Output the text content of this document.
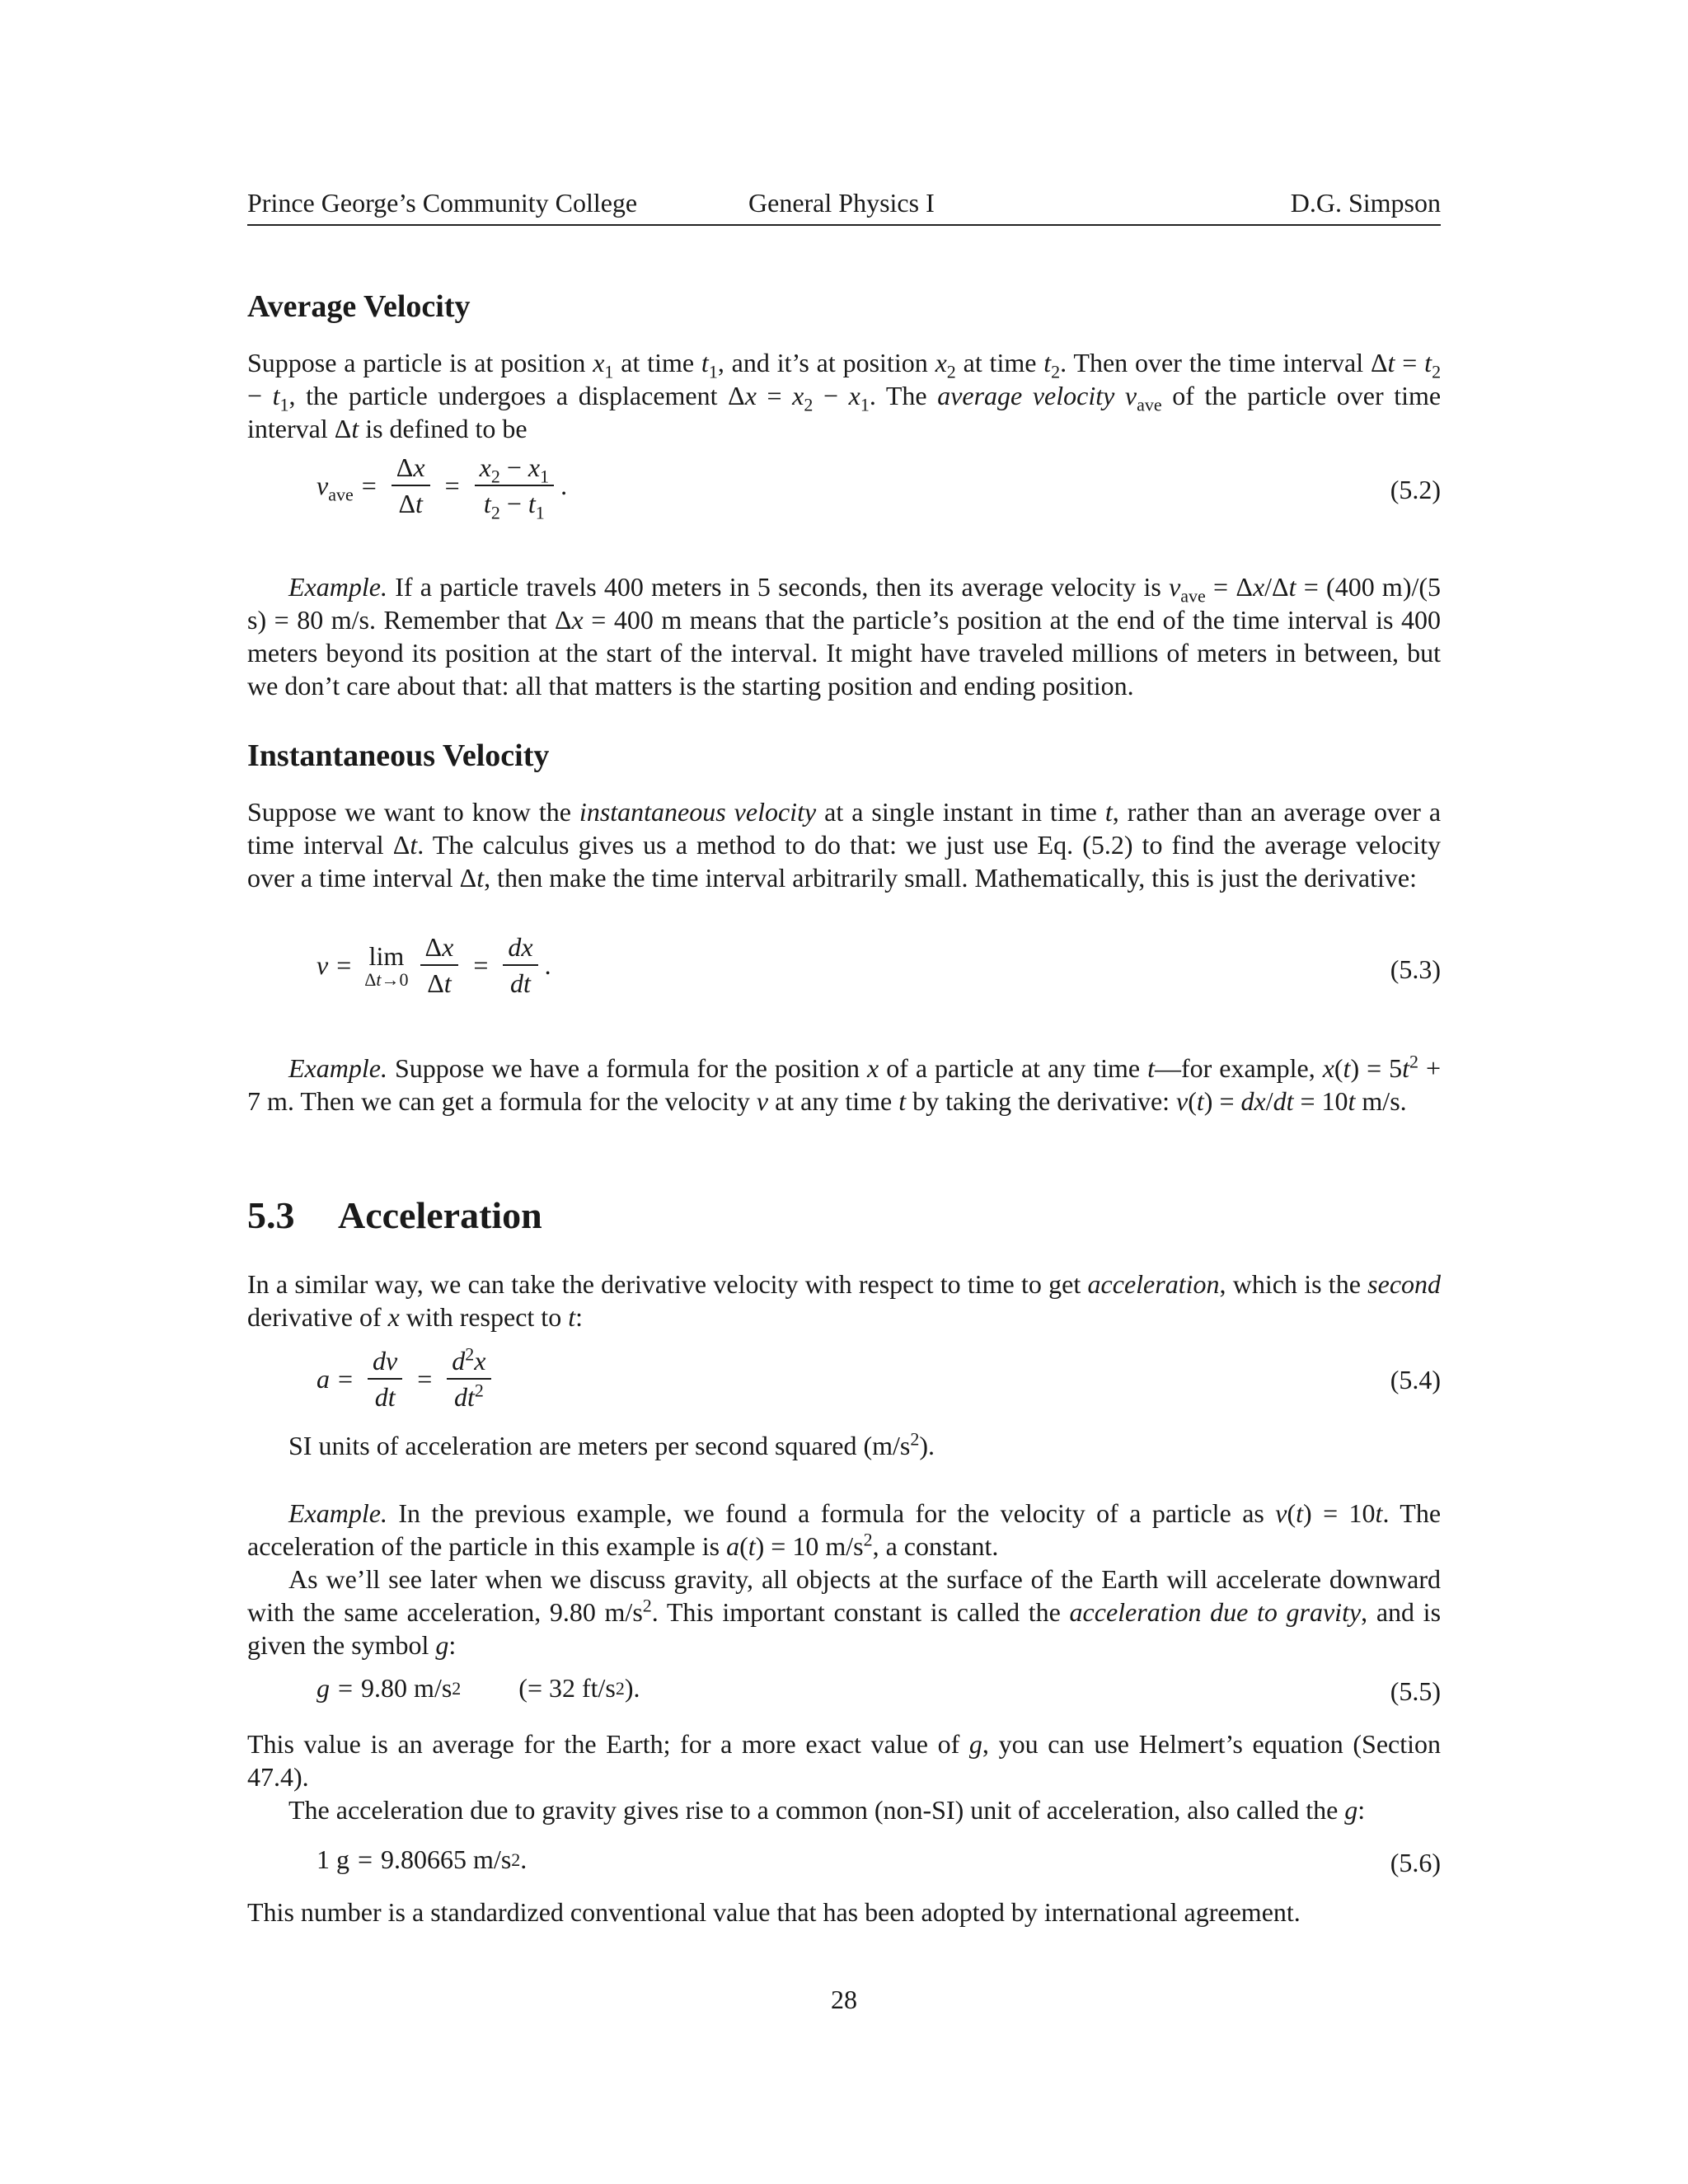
Prince George’s Community College	General Physics I	D.G. Simpson
Average Velocity
Suppose a particle is at position $x_1$ at time $t_1$, and it’s at position $x_2$ at time $t_2$. Then over the time interval $\Delta t = t_2 - t_1$, the particle undergoes a displacement $\Delta x = x_2 - x_1$. The average velocity $v_{ave}$ of the particle over time interval Δt is defined to be
$v_{ave} = \frac{\Delta x}{\Delta t} = \frac{x_2 - x_1}{t_2 - t_1}$ .	(5.2)
Example. If a particle travels 400 meters in 5 seconds, then its average velocity is $v_{ave} = \Delta x/\Delta t = (400$ m)/(5 s) = 80 m/s. Remember that Δx = 400 m means that the particle’s position at the end of the time interval is 400 meters beyond its position at the start of the interval. It might have traveled millions of meters in between, but we don’t care about that: all that matters is the starting position and ending position.
Instantaneous Velocity
Suppose we want to know the instantaneous velocity at a single instant in time t, rather than an average over a time interval Δt. The calculus gives us a method to do that: we just use Eq. (5.2) to find the average velocity over a time interval Δt, then make the time interval arbitrarily small. Mathematically, this is just the derivative:
v = lim
$\Delta t\to 0 \frac{\Delta x}{\Delta t} = \frac{dx}{dt}$ .	(5.3)
Example. Suppose we have a formula for the position x of a particle at any time t—for example, $x(t) = 5t^2 + 7$ m. Then we can get a formula for the velocity v at any time t by taking the derivative: v(t) = dx/dt = 10t m/s.
5.3 Acceleration
In a similar way, we can take the derivative velocity with respect to time to get acceleration, which is the second derivative of x with respect to t:
$a = \frac{dv}{dt} = \frac{d^2x}{dt^2}$	(5.4)
SI units of acceleration are meters per second squared $(m/s^2)$.
Example. In the previous example, we found a formula for the velocity of a particle as v(t) = 10t. The acceleration of the particle in this example is a(t) = 10 $m/s^2$, a constant.
As we’ll see later when we discuss gravity, all objects at the surface of the Earth will accelerate downward with the same acceleration, 9.80 $m/s^2$. This important constant is called the acceleration due to gravity, and is given the symbol g:
g = 9.80 m/s 2 (= 32 ft/s 2 ).	(5.5)
This value is an average for the Earth; for a more exact value of g, you can use Helmert’s equation (Section 47.4).
The acceleration due to gravity gives rise to a common (non-SI) unit of acceleration, also called the g:
1 g = 9.80665 m/s 2 .	(5.6)
This number is a standardized conventional value that has been adopted by international agreement.
28
